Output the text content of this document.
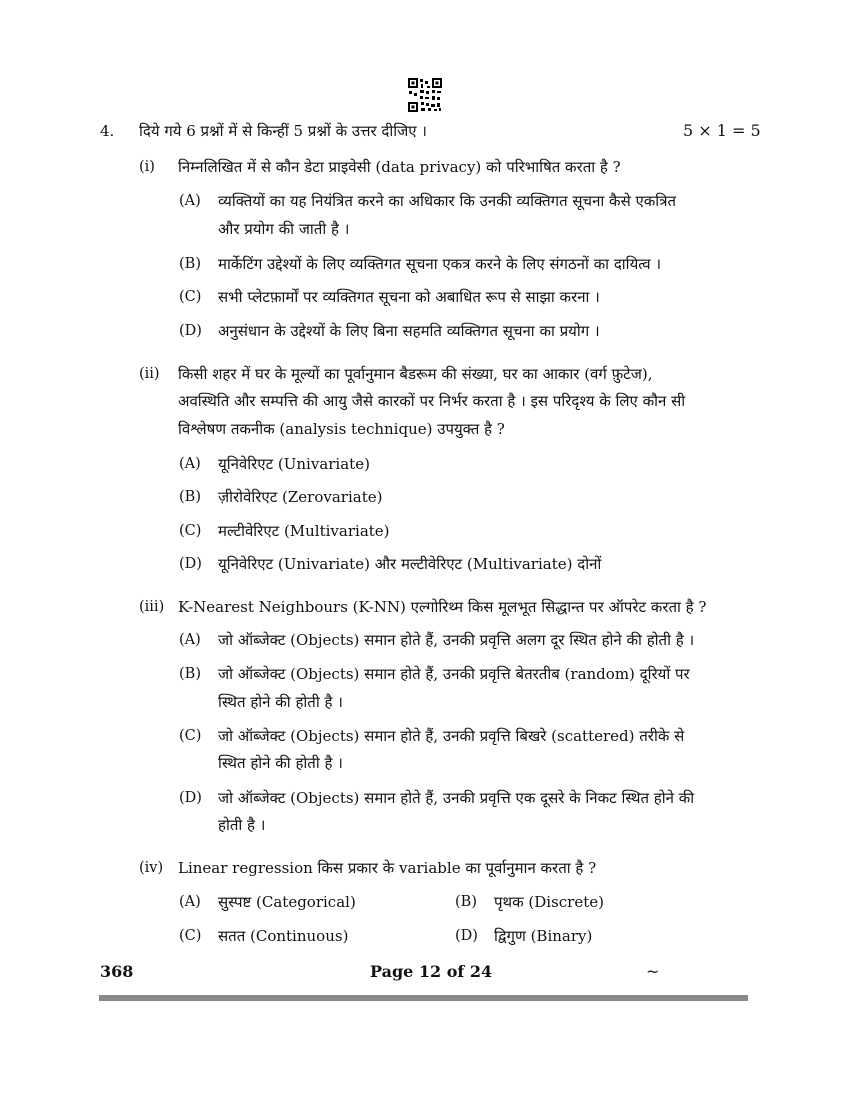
4. दिये गये 6 प्रश्नों में से किन्हीं 5 प्रश्नों के उत्तर दीजिए ।	5 × 1 = 5
(i) निम्नलिखित में से कौन डेटा प्राइवेसी (data privacy) को परिभाषित करता है ?
(A) व्यक्तियों का यह नियंत्रित करने का अधिकार कि उनकी व्यक्तिगत सूचना कैसे एकत्रित
और प्रयोग की जाती है ।
(B) मार्केटिंग उद्देश्यों के लिए व्यक्तिगत सूचना एकत्र करने के लिए संगठनों का दायित्व ।
(C) सभी प्लेटफ़ार्मों पर व्यक्तिगत सूचना को अबाधित रूप से साझा करना ।
(D) अनुसंधान के उद्देश्यों के लिए बिना सहमति व्यक्तिगत सूचना का प्रयोग ।
(ii) किसी शहर में घर के मूल्यों का पूर्वानुमान बैडरूम की संख्या, घर का आकार (वर्ग फ़ुटेज),
अवस्थिति और सम्पत्ति की आयु जैसे कारकों पर निर्भर करता है । इस परिदृश्य के लिए कौन सी
विश्लेषण तकनीक (analysis technique) उपयुक्त है ?
(A) यूनिवेरिएट (Univariate)
(B) ज़ीरोवेरिएट (Zerovariate)
(C) मल्टीवेरिएट (Multivariate)
(D) यूनिवेरिएट (Univariate) और मल्टीवेरिएट (Multivariate) दोनों
(iii) K-Nearest Neighbours (K-NN) एल्गोरिथ्म किस मूलभूत सिद्धान्त पर ऑपरेट करता है ?
(A) जो ऑब्जेक्ट (Objects) समान होते हैं, उनकी प्रवृत्ति अलग दूर स्थित होने की होती है ।
(B) जो ऑब्जेक्ट (Objects) समान होते हैं, उनकी प्रवृत्ति बेतरतीब (random) दूरियों पर
स्थित होने की होती है ।
(C) जो ऑब्जेक्ट (Objects) समान होते हैं, उनकी प्रवृत्ति बिखरे (scattered) तरीके से
स्थित होने की होती है ।
(D) जो ऑब्जेक्ट (Objects) समान होते हैं, उनकी प्रवृत्ति एक दूसरे के निकट स्थित होने की
होती है ।
(iv) Linear regression किस प्रकार के variable का पूर्वानुमान करता है ?
(A) सुस्पष्ट (Categorical)	(B) पृथक (Discrete)
(C) सतत (Continuous)	(D) द्विगुण (Binary)
368	Page 12 of 24	~
